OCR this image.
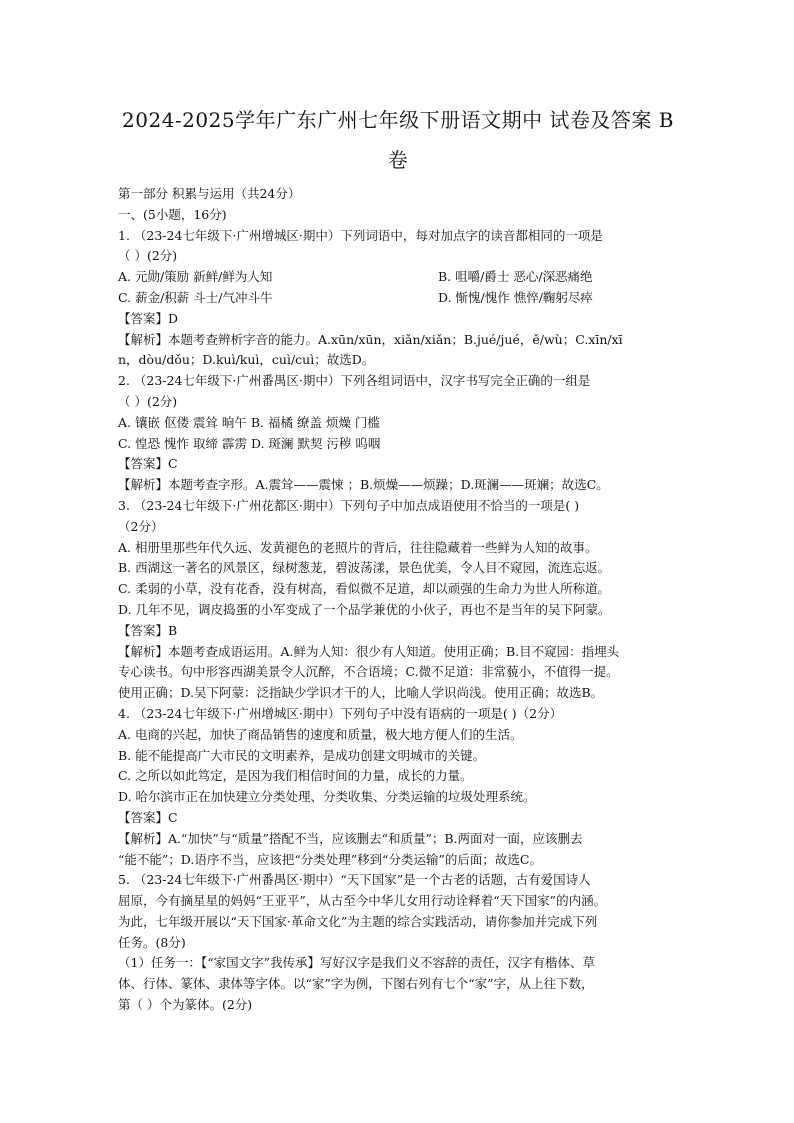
2024-2025学年广东广州七年级下册语文期中 试卷及答案 B
卷
第一部分 积累与运用（共24分）
一、(5小题，16分)
1. （23-24七年级下·广州增城区·期中）下列词语中，每对加点字的读音都相同的一项是
（ ）(2分)
A. 元勋/策励 新鲜/鲜为人知	B. 咀嚼/爵士 恶心/深恶痛绝
C. 薪金/积薪 斗士/气冲斗牛	D. 惭愧/愧作 憔悴/鞠躬尽瘁
【答案】D
【解析】本题考查辨析字音的能力。A.xūn/xūn，xiǎn/xiǎn；B.jué/jué，ě/wù；C.xīn/xī
n，dòu/dǒu；D.kuì/kuì，cuì/cuì；故选D。
2. （23-24七年级下·广州番禺区·期中）下列各组词语中，汉字书写完全正确的一组是
（ ）(2分)
A. 镶嵌 伛偻 震耸 晌午 B. 福橘 缭盖 烦燥 门槛
C. 惶恐 愧怍 取缔 霹雳 D. 斑澜 默契 污秽 呜咽
【答案】C
【解析】本题考查字形。A.震耸——震悚 ；B.烦燥——烦躁；D.斑澜——斑斓；故选C。
3. （23-24七年级下·广州花都区·期中）下列句子中加点成语使用不恰当的一项是( )
（2分）
A. 相册里那些年代久远、发黄褪色的老照片的背后，往往隐藏着一些鲜为人知的故事。
B. 西湖这一著名的风景区，绿树葱茏，碧波荡漾，景色优美，令人目不窥园，流连忘返。
C. 柔弱的小草，没有花香，没有树高，看似微不足道，却以顽强的生命力为世人所称道。
D. 几年不见，调皮捣蛋的小军变成了一个品学兼优的小伙子，再也不是当年的吴下阿蒙。
【答案】B
【解析】本题考查成语运用。A.鲜为人知：很少有人知道。使用正确；B.目不窥园：指埋头
专心读书。句中形容西湖美景令人沉醉，不合语境；C.微不足道：非常藐小，不值得一提。
使用正确；D.吴下阿蒙：泛指缺少学识才干的人，比喻人学识尚浅。使用正确；故选B。
4. （23-24七年级下·广州增城区·期中）下列句子中没有语病的一项是( )（2分）
A. 电商的兴起，加快了商品销售的速度和质量，极大地方便人们的生活。
B. 能不能提高广大市民的文明素养，是成功创建文明城市的关键。
C. 之所以如此笃定，是因为我们相信时间的力量，成长的力量。
D. 哈尔滨市正在加快建立分类处理、分类收集、分类运输的垃圾处理系统。
【答案】C
【解析】A.“加快”与“质量”搭配不当，应该删去“和质量”；B.两面对一面，应该删去
“能不能”；D.语序不当，应该把“分类处理”移到“分类运输”的后面；故选C。
5. （23-24七年级下·广州番禺区·期中）“天下国家”是一个古老的话题，古有爱国诗人
屈原，今有摘星星的妈妈“王亚平”，从古至今中华儿女用行动诠释着“天下国家”的内涵。
为此，七年级开展以“天下国家·革命文化”为主题的综合实践活动，请你参加并完成下列
任务。(8分)
（1）任务一：【“家国文字”我传承】写好汉字是我们义不容辞的责任，汉字有楷体、草
体、行体、篆体、隶体等字体。以“家”字为例，下图右列有七个“家”字，从上往下数，
第（ ）个为篆体。(2分)
